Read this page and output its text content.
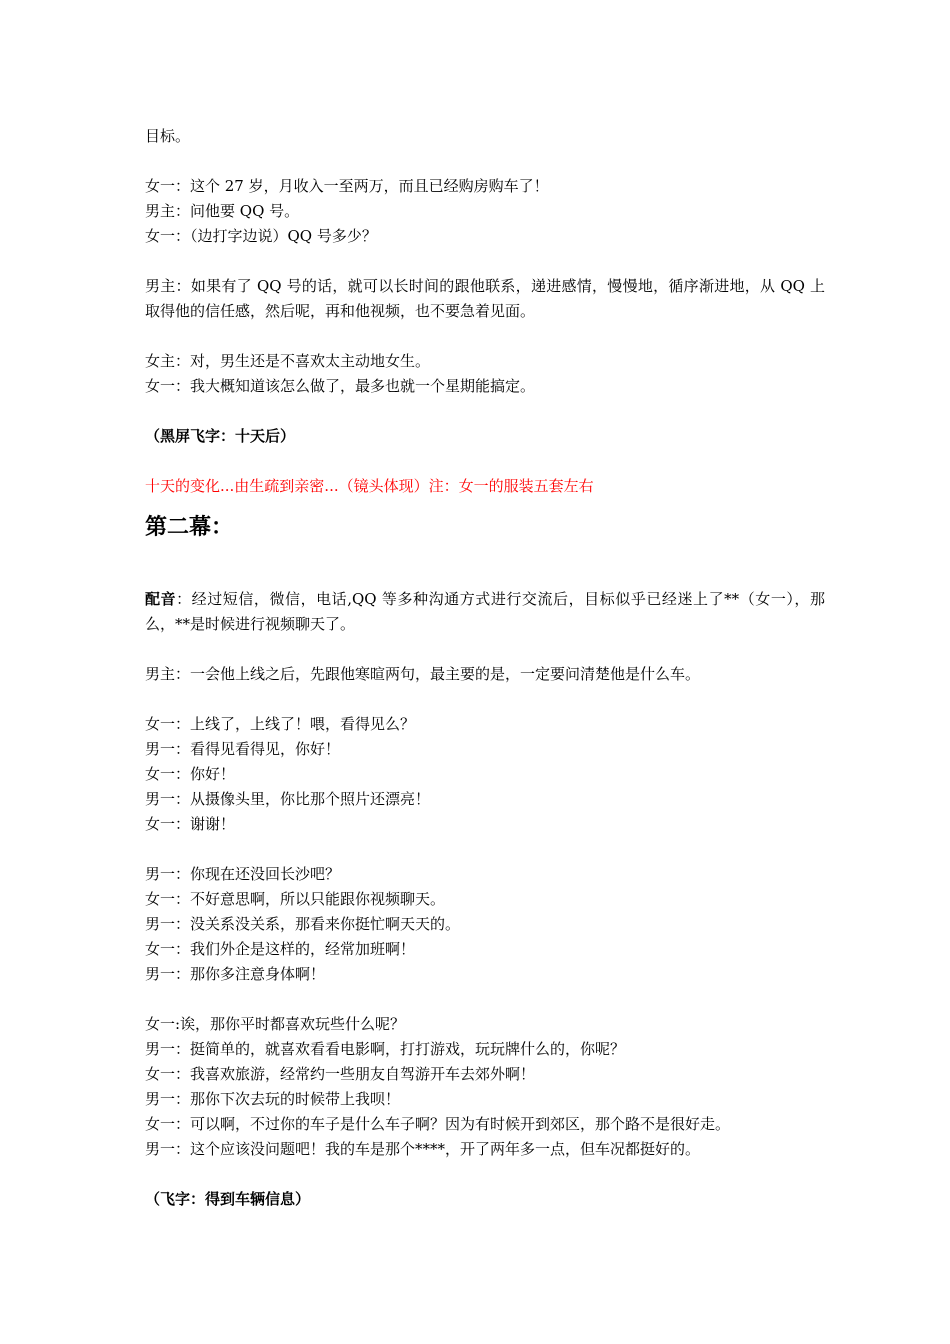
目标。

女一：这个 27 岁，月收入一至两万，而且已经购房购车了！

男主：问他要 QQ 号。

女一：（边打字边说）QQ 号多少？

男主：如果有了 QQ 号的话，就可以长时间的跟他联系，递进感情，慢慢地，循序渐进地，从 QQ 上取得他的信任感，然后呢，再和他视频，也不要急着见面。

女主：对，男生还是不喜欢太主动地女生。

女一：我大概知道该怎么做了，最多也就一个星期能搞定。

（黑屏飞字：十天后）

十天的变化...由生疏到亲密...（镜头体现）注：女一的服装五套左右

第二幕：

配音：经过短信，微信，电话,QQ 等多种沟通方式进行交流后，目标似乎已经迷上了**（女一），那么，**是时候进行视频聊天了。

男主：一会他上线之后，先跟他寒暄两句，最主要的是，一定要问清楚他是什么车。

女一：上线了，上线了！喂，看得见么？

男一：看得见看得见，你好！

女一：你好！

男一：从摄像头里，你比那个照片还漂亮！

女一：谢谢！

男一：你现在还没回长沙吧？

女一：不好意思啊，所以只能跟你视频聊天。

男一：没关系没关系，那看来你挺忙啊天天的。

女一：我们外企是这样的，经常加班啊！

男一：那你多注意身体啊！

女一:诶，那你平时都喜欢玩些什么呢？

男一：挺简单的，就喜欢看看电影啊，打打游戏，玩玩牌什么的，你呢？

女一：我喜欢旅游，经常约一些朋友自驾游开车去郊外啊！

男一：那你下次去玩的时候带上我呗！

女一：可以啊，不过你的车子是什么车子啊？因为有时候开到郊区，那个路不是很好走。

男一：这个应该没问题吧！我的车是那个****，开了两年多一点，但车况都挺好的。

（飞字：得到车辆信息）
